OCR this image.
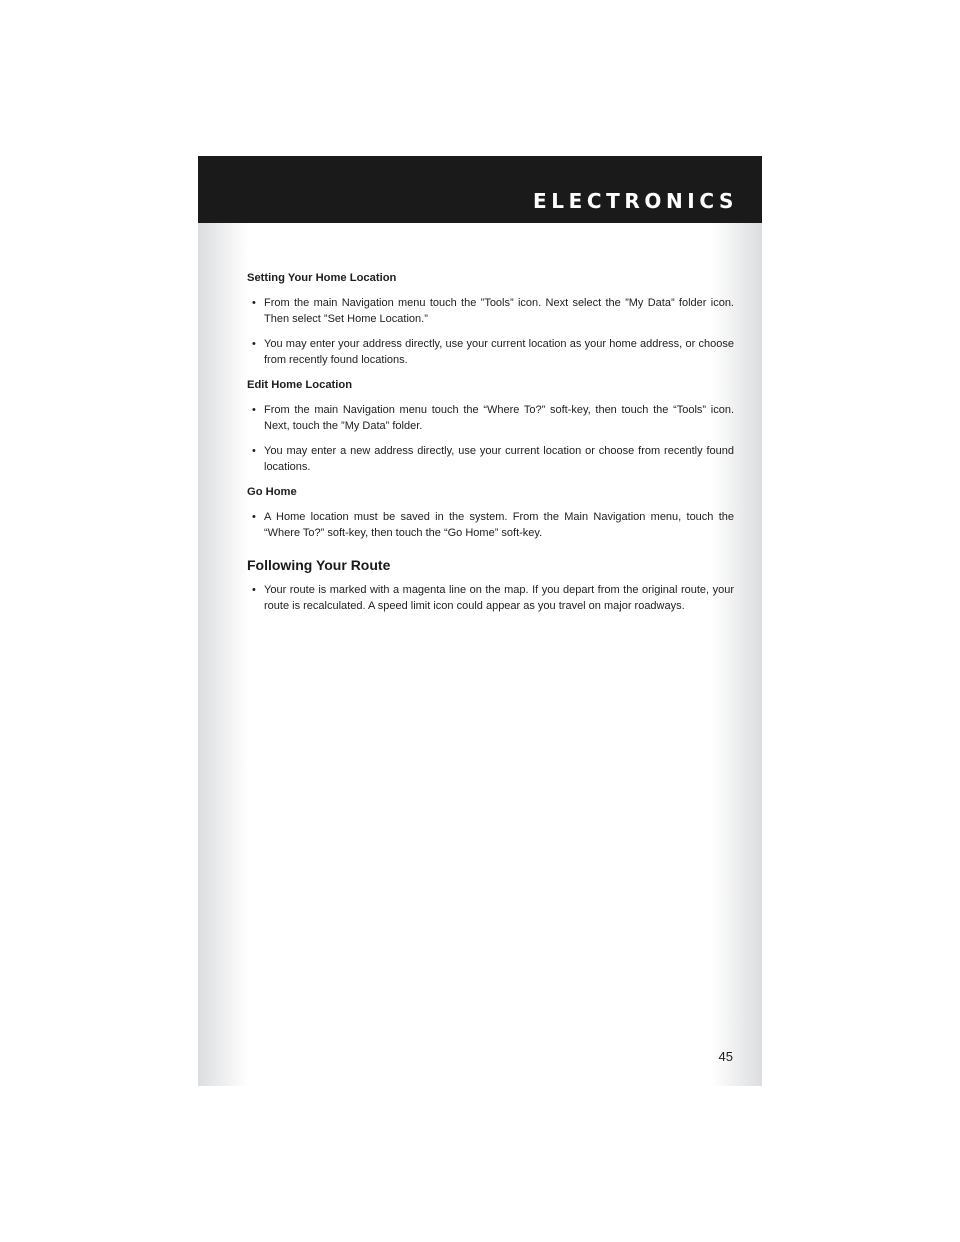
ELECTRONICS
Setting Your Home Location
• From the main Navigation menu touch the ”Tools” icon. Next select the ”My Data” folder icon. Then select ”Set Home Location.”
• You may enter your address directly, use your current location as your home address, or choose from recently found locations.
Edit Home Location
• From the main Navigation menu touch the “Where To?” soft-key, then touch the “Tools” icon. Next, touch the ”My Data” folder.
• You may enter a new address directly, use your current location or choose from recently found locations.
Go Home
• A Home location must be saved in the system. From the Main Navigation menu, touch the “Where To?” soft-key, then touch the “Go Home” soft-key.
Following Your Route
• Your route is marked with a magenta line on the map. If you depart from the original route, your route is recalculated. A speed limit icon could appear as you travel on major roadways.
45
